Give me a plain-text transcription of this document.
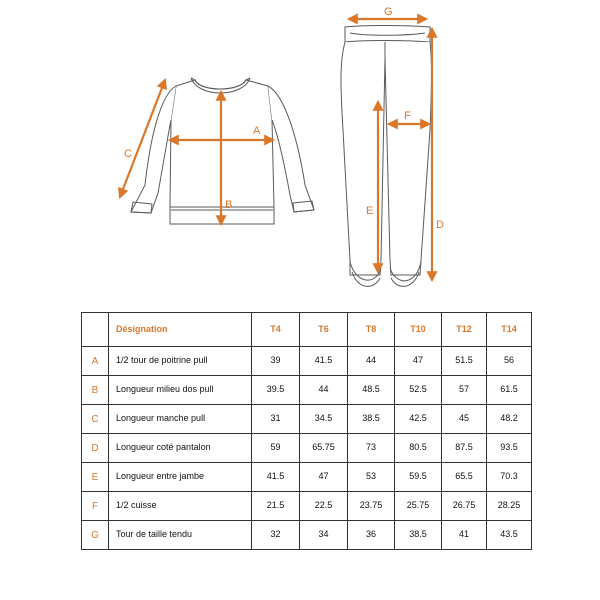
A
B
C
G
D
E
F
	Désignation	T4	T6	T8	T10	T12	T14
A	1/2 tour de poitrine pull	39	41.5	44	47	51.5	56
B	Longueur milieu dos pull	39.5	44	48.5	52.5	57	61.5
C	Longueur manche pull	31	34.5	38.5	42.5	45	48.2
D	Longueur coté pantalon	59	65.75	73	80.5	87.5	93.5
E	Longueur entre jambe	41.5	47	53	59.5	65.5	70.3
F	1/2 cuisse	21.5	22.5	23.75	25.75	26.75	28.25
G	Tour de taille tendu	32	34	36	38.5	41	43.5
